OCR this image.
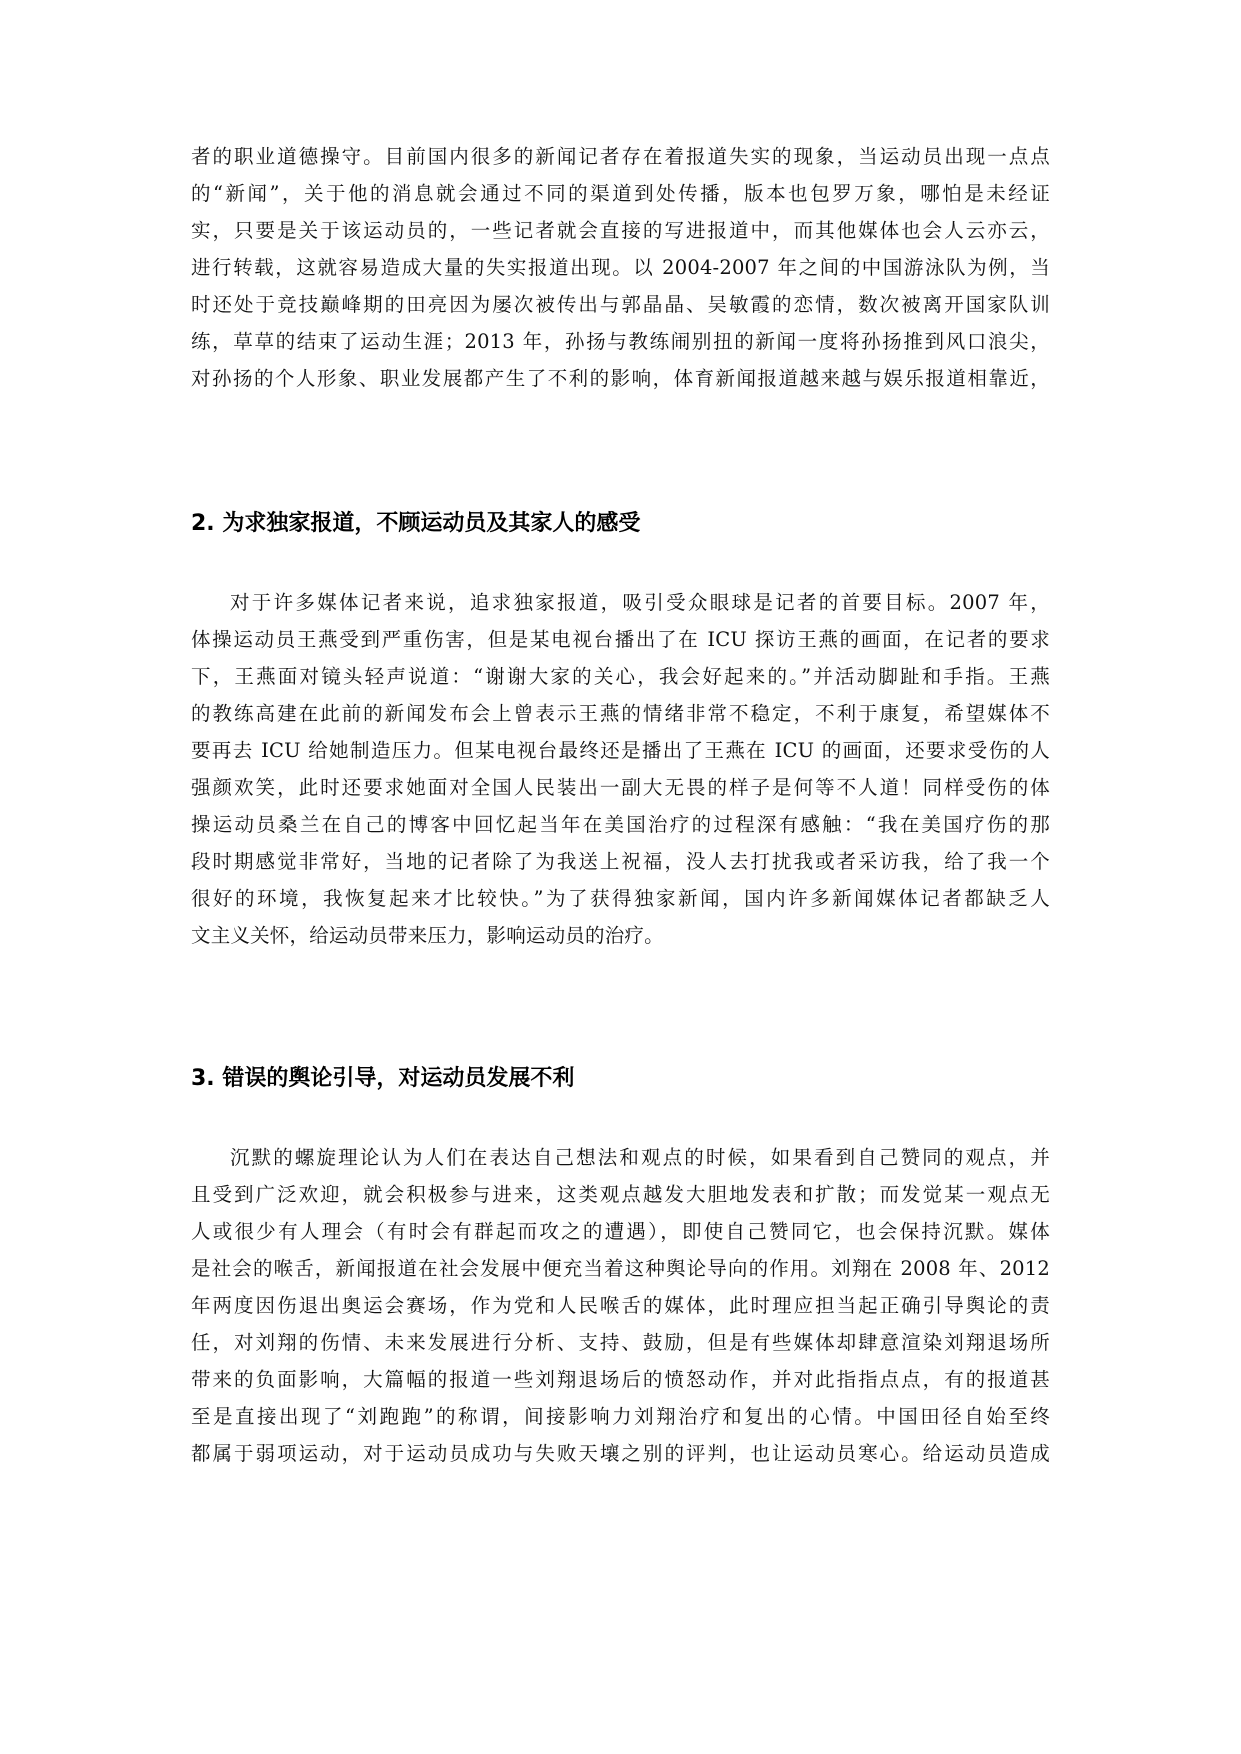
者的职业道德操守。目前国内很多的新闻记者存在着报道失实的现象，当运动员出现一点点
的“新闻”，关于他的消息就会通过不同的渠道到处传播，版本也包罗万象，哪怕是未经证
实，只要是关于该运动员的，一些记者就会直接的写进报道中，而其他媒体也会人云亦云，
进行转载，这就容易造成大量的失实报道出现。以 2004-2007 年之间的中国游泳队为例，当
时还处于竞技巅峰期的田亮因为屡次被传出与郭晶晶、吴敏霞的恋情，数次被离开国家队训
练，草草的结束了运动生涯；2013 年，孙扬与教练闹别扭的新闻一度将孙扬推到风口浪尖，
对孙扬的个人形象、职业发展都产生了不利的影响，体育新闻报道越来越与娱乐报道相靠近，
2. 为求独家报道，不顾运动员及其家人的感受
对于许多媒体记者来说，追求独家报道，吸引受众眼球是记者的首要目标。2007 年，
体操运动员王燕受到严重伤害，但是某电视台播出了在 ICU 探访王燕的画面，在记者的要求
下，王燕面对镜头轻声说道：“谢谢大家的关心，我会好起来的。”并活动脚趾和手指。王燕
的教练高建在此前的新闻发布会上曾表示王燕的情绪非常不稳定，不利于康复，希望媒体不
要再去 ICU 给她制造压力。但某电视台最终还是播出了王燕在 ICU 的画面，还要求受伤的人
强颜欢笑，此时还要求她面对全国人民装出一副大无畏的样子是何等不人道！同样受伤的体
操运动员桑兰在自己的博客中回忆起当年在美国治疗的过程深有感触：“我在美国疗伤的那
段时期感觉非常好，当地的记者除了为我送上祝福，没人去打扰我或者采访我，给了我一个
很好的环境，我恢复起来才比较快。”为了获得独家新闻，国内许多新闻媒体记者都缺乏人
文主义关怀，给运动员带来压力，影响运动员的治疗。
3. 错误的舆论引导，对运动员发展不利
沉默的螺旋理论认为人们在表达自己想法和观点的时候，如果看到自己赞同的观点，并
且受到广泛欢迎，就会积极参与进来，这类观点越发大胆地发表和扩散；而发觉某一观点无
人或很少有人理会（有时会有群起而攻之的遭遇），即使自己赞同它，也会保持沉默。媒体
是社会的喉舌，新闻报道在社会发展中便充当着这种舆论导向的作用。刘翔在 2008 年、2012
年两度因伤退出奥运会赛场，作为党和人民喉舌的媒体，此时理应担当起正确引导舆论的责
任，对刘翔的伤情、未来发展进行分析、支持、鼓励，但是有些媒体却肆意渲染刘翔退场所
带来的负面影响，大篇幅的报道一些刘翔退场后的愤怒动作，并对此指指点点，有的报道甚
至是直接出现了“刘跑跑”的称谓，间接影响力刘翔治疗和复出的心情。中国田径自始至终
都属于弱项运动，对于运动员成功与失败天壤之别的评判，也让运动员寒心。给运动员造成
